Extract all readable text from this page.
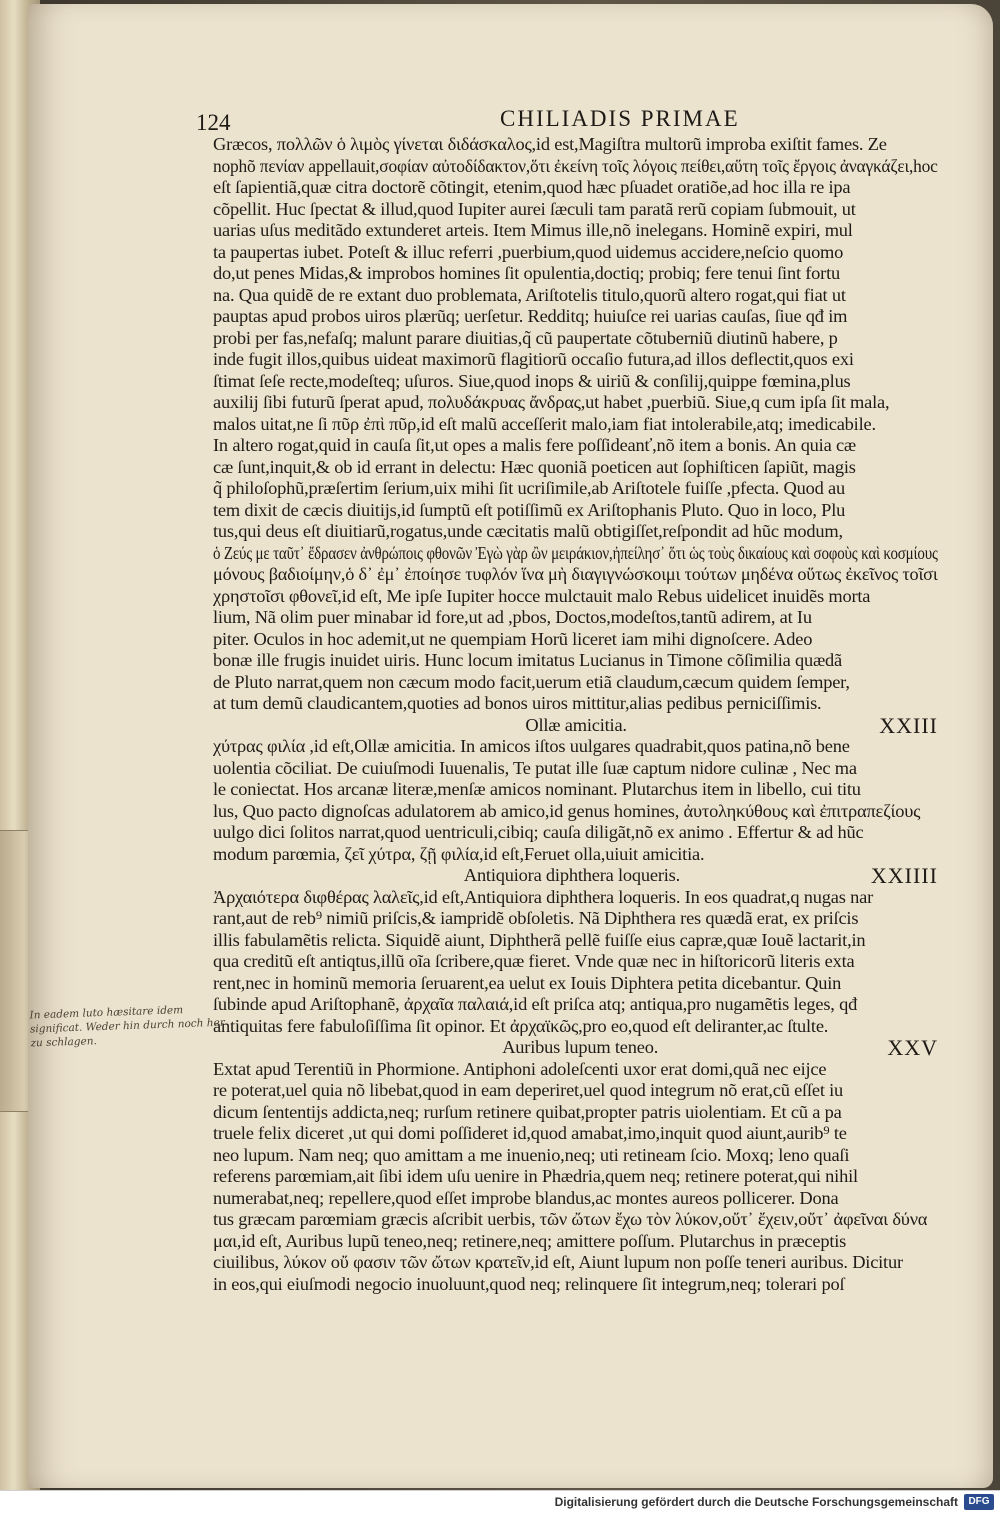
124	CHILIADIS PRIMAE
Græcos, πολλῶν ὁ λιμὸς γίνεται διδάσκαλος,id est,Magiſtra multorũ improba exiſtit fames. Ze
nophõ πενίαν appellauit,σοφίαν αὐτοδίδακτον,ὅτι ἐκείνη τοῖς λόγοις πείθει,αὕτη τοῖς ἔργοις ἀναγκάζει,hoc
eſt ſapientiã,quæ citra doctorẽ cõtingit, etenim,quod hæc pſuadet oratiõe,ad hoc illa re ipa
cõpellit. Huc ſpectat & illud,quod Iupiter aurei ſæculi tam paratã rerũ copiam ſubmouit, ut
uarias uſus meditãdo extunderet arteis. Item Mimus ille,nõ inelegans. Hominẽ expiri, mul
ta paupertas iubet. Poteſt & illuc referri ,puerbium,quod uidemus accidere,neſcio quomo
do,ut penes Midas,& improbos homines ſit opulentia,doctiq; probiq; fere tenui ſint fortu
na. Qua quidẽ de re extant duo problemata, Ariſtotelis titulo,quorũ altero rogat,qui fiat ut
pauptas apud probos uiros plærũq; uerſetur. Redditq; huiuſce rei uarias cauſas, ſiue qđ im
probi per fas,nefaſq; malunt parare diuitias,q̃ cũ paupertate cõtuberniũ diutinũ habere, p
inde fugit illos,quibus uideat maximorũ flagitiorũ occaſio futura,ad illos deflectit,quos exi
ſtimat ſeſe recte,modeſteq; uſuros. Siue,quod inops & uiriũ & conſilij,quippe fœmina,plus
auxilij ſibi futurũ ſperat apud, πολυδάκρυας ἄνδρας,ut habet ,puerbiũ. Siue,q cum ipſa ſit mala,
malos uitat,ne ſi πῦρ ἐπὶ πῦρ,id eſt malũ acceſſerit malo,iam fiat intolerabile,atq; imedicabile.
In altero rogat,quid in cauſa ſit,ut opes a malis fere poſſideanť,nõ item a bonis. An quia cæ
cæ ſunt,inquit,& ob id errant in delectu: Hæc quoniã poeticen aut ſophiſticen ſapiũt, magis
q̃ philoſophũ,præſertim ſerium,uix mihi ſit ucriſimile,ab Ariſtotele fuiſſe ,pfecta. Quod au
tem dixit de cæcis diuitijs,id ſumptũ eſt potiſſimũ ex Ariſtophanis Pluto. Quo in loco, Plu
tus,qui deus eſt diuitiarũ,rogatus,unde cæcitatis malũ obtigiſſet,reſpondit ad hũc modum,
ὁ Ζεύς με ταῦτ᾽ ἔδρασεν ἀνθρώποις φθονῶν Ἐγὼ γὰρ ὢν μειράκιον,ἠπείλησ᾽ ὅτι ὡς τοὺς δικαίους καὶ σοφοὺς καὶ κοσμίους
μόνους βαδιοίμην,ὁ δ᾽ ἐμ᾽ ἐποίησε τυφλόν ἵνα μὴ διαγιγνώσκοιμι τούτων μηδένα οὕτως ἐκεῖνος τοῖσι
χρηστοῖσι φθονεῖ,id eſt, Me ipſe Iupiter hocce mulctauit malo Rebus uidelicet inuidẽs morta
lium, Nã olim puer minabar id fore,ut ad ,pbos, Doctos,modeſtos,tantũ adirem, at Iu
piter. Oculos in hoc ademit,ut ne quempiam Horũ liceret iam mihi dignoſcere. Adeo
bonæ ille frugis inuidet uiris. Hunc locum imitatus Lucianus in Timone cõſimilia quædã
de Pluto narrat,quem non cæcum modo facit,uerum etiã claudum,cæcum quidem ſemper,
at tum demũ claudicantem,quoties ad bonos uiros mittitur,alias pedibus perniciſſimis.
Ollæ amicitia.	XXIII
χύτρας φιλία ,id eſt,Ollæ amicitia. In amicos iſtos uulgares quadrabit,quos patina,nõ bene
uolentia cõciliat. De cuiuſmodi Iuuenalis, Te putat ille ſuæ captum nidore culinæ , Nec ma
le coniectat. Hos arcanæ literæ,menſæ amicos nominant. Plutarchus item in libello, cui titu
lus, Quo pacto dignoſcas adulatorem ab amico,id genus homines, ἀυτοληκύθους καὶ ἐπιτραπεζίους
uulgo dici ſolitos narrat,quod uentriculi,cibiq; cauſa diligãt,nõ ex animo . Effertur & ad hũc
modum parœmia, ζεῖ χύτρα, ζῇ φιλία,id eſt,Feruet olla,uiuit amicitia.
Antiquiora diphthera loqueris.	XXIIII
Ἀρχαιότερα διφθέρας λαλεῖς,id eſt,Antiquiora diphthera loqueris. In eos quadrat,q nugas nar
rant,aut de reb⁹ nimiũ priſcis,& iampridẽ obſoletis. Nã Diphthera res quædã erat, ex priſcis
illis fabulamẽtis relicta. Siquidẽ aiunt, Diphtherã pellẽ fuiſſe eius capræ,quæ Iouẽ lactarit,in
qua creditũ eſt antiqtus,illũ oĩa ſcribere,quæ fieret. Vnde quæ nec in hiſtoricorũ literis exta
rent,nec in hominũ memoria ſeruarent,ea uelut ex Iouis Diphtera petita dicebantur. Quin
ſubinde apud Ariſtophanẽ, ἀρχαῖα παλαιά,id eſt priſca atq; antiqua,pro nugamẽtis leges, qđ
antiquitas fere fabuloſiſſima ſit opinor. Et ἀρχαϊκῶς,pro eo,quod eſt deliranter,ac ſtulte.
Auribus lupum teneo.	XXV
Extat apud Terentiũ in Phormione. Antiphoni adoleſcenti uxor erat domi,quã nec eijce
re poterat,uel quia nõ libebat,quod in eam deperiret,uel quod integrum nõ erat,cũ eſſet iu
dicum ſententijs addicta,neq; rurſum retinere quibat,propter patris uiolentiam. Et cũ a pa
truele felix diceret ,ut qui domi poſſideret id,quod amabat,imo,inquit quod aiunt,aurib⁹ te
neo lupum. Nam neq; quo amittam a me inuenio,neq; uti retineam ſcio. Moxq; leno quaſi
referens parœmiam,ait ſibi idem uſu uenire in Phædria,quem neq; retinere poterat,qui nihil
numerabat,neq; repellere,quod eſſet improbe blandus,ac montes aureos pollicerer. Dona
tus græcam parœmiam græcis aſcribit uerbis, τῶν ὤτων ἔχω τὸν λύκον,οὔτ᾽ ἔχειν,οὔτ᾽ ἀφεῖναι δύνα
μαι,id eſt, Auribus lupũ teneo,neq; retinere,neq; amittere poſſum. Plutarchus in præceptis
ciuilibus, λύκον οὔ φασιν τῶν ὤτων κρατεῖν,id eſt, Aiunt lupum non poſſe teneri auribus. Dicitur
in eos,qui eiuſmodi negocio inuoluunt,quod neq; relinquere ſit integrum,neq; tolerari poſ
In eadem luto hæsitare idem significat. Weder hin durch noch her zu schlagen.
Digitalisierung gefördert durch die Deutsche Forschungsgemeinschaft	DFG
